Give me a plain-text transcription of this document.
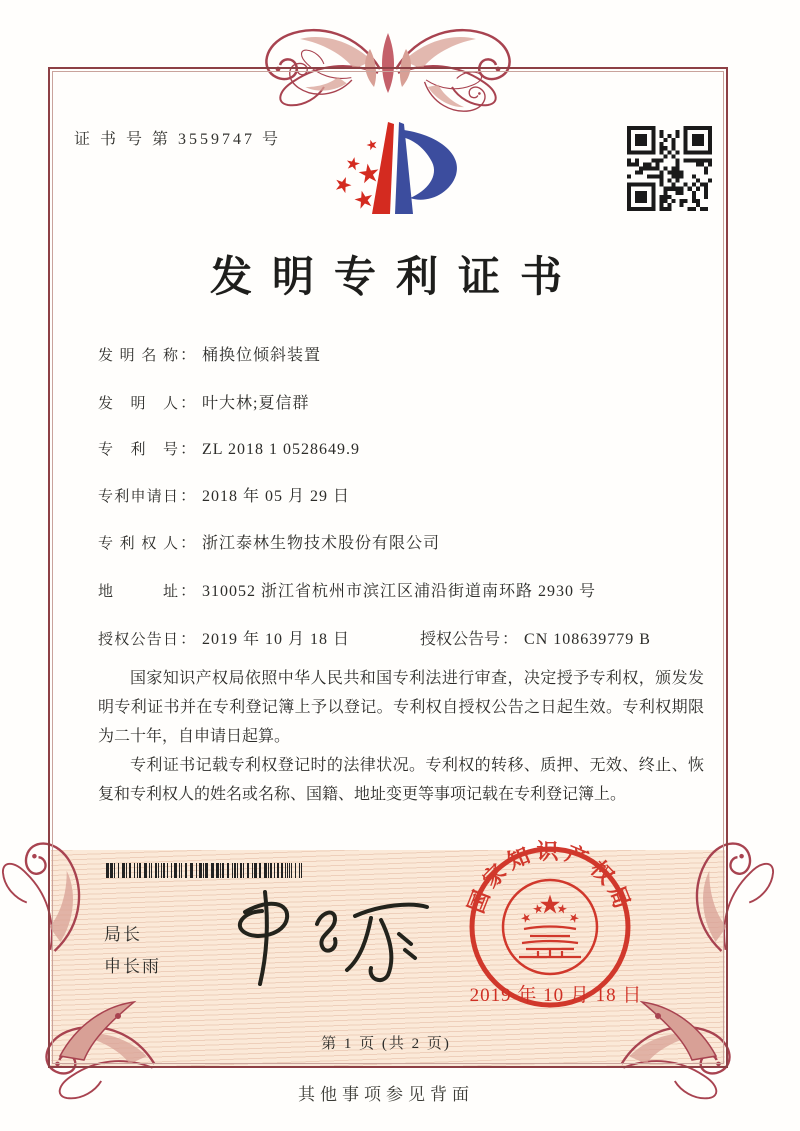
证 书 号 第 3559747 号
发明专利证书
发明名称 ： 桶换位倾斜装置
发明人 ： 叶大林;夏信群
专利号 ： ZL 2018 1 0528649.9
专利申请日 ： 2018 年 05 月 29 日
专利权人 ： 浙江泰林生物技术股份有限公司
地址 ： 310052 浙江省杭州市滨江区浦沿街道南环路 2930 号
授权公告日 ： 2019 年 10 月 18 日	授权公告号 ： CN 108639779 B

国家知识产权局依照中华人民共和国专利法进行审查，决定授予专利权，颁发发明专利证书并在专利登记簿上予以登记。专利权自授权公告之日起生效。专利权期限为二十年，自申请日起算。

专利证书记载专利权登记时的法律状况。专利权的转移、质押、无效、终止、恢复和专利权人的姓名或名称、国籍、地址变更等事项记载在专利登记簿上。

局长
申长雨
国家知识产权局
2019 年 10 月 18 日
第 1 页 (共 2 页)
其他事项参见背面
